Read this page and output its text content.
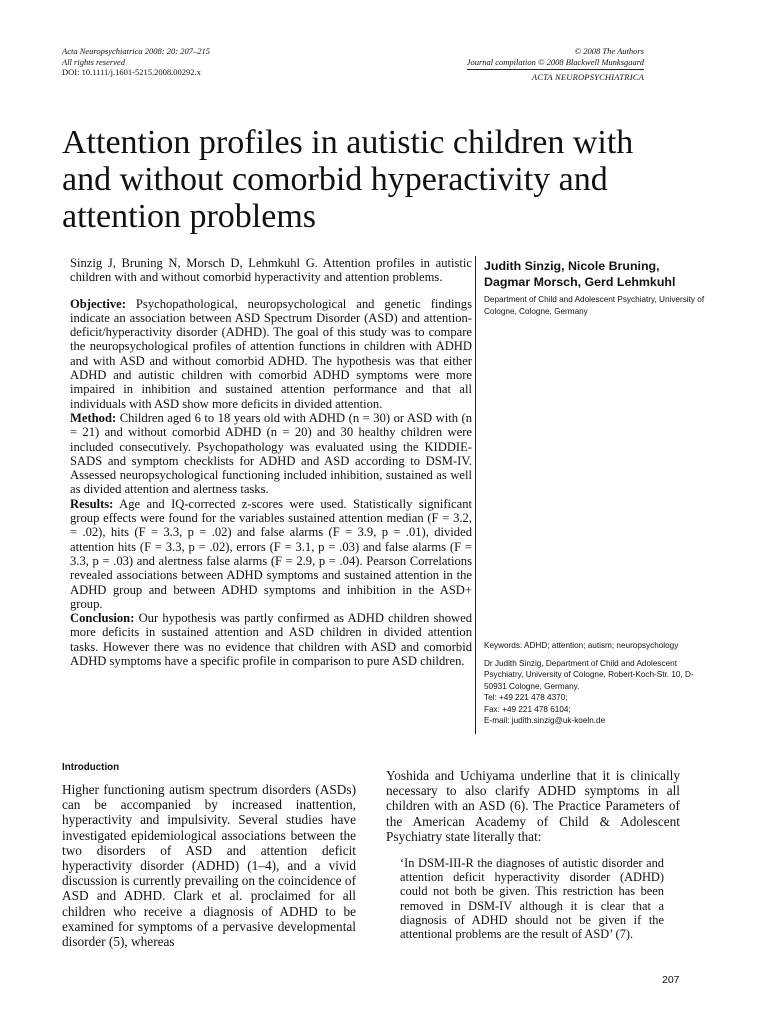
Acta Neuropsychiatrica 2008: 20: 207–215
All rights reserved
DOI: 10.1111/j.1601-5215.2008.00292.x
© 2008 The Authors
Journal compilation © 2008 Blackwell Munksgaard
ACTA NEUROPSYCHIATRICA
Attention profiles in autistic children with and without comorbid hyperactivity and attention problems

Sinzig J, Bruning N, Morsch D, Lehmkuhl G. Attention profiles in autistic children with and without comorbid hyperactivity and attention problems.

Objective: Psychopathological, neuropsychological and genetic findings indicate an association between ASD Spectrum Disorder (ASD) and attention-deficit/hyperactivity disorder (ADHD). The goal of this study was to compare the neuropsychological profiles of attention functions in children with ADHD and with ASD and without comorbid ADHD. The hypothesis was that either ADHD and autistic children with comorbid ADHD symptoms were more impaired in inhibition and sustained attention performance and that all individuals with ASD show more deficits in divided attention.

Method: Children aged 6 to 18 years old with ADHD (n = 30) or ASD with (n = 21) and without comorbid ADHD (n = 20) and 30 healthy children were included consecutively. Psychopathology was evaluated using the KIDDIE-SADS and symptom checklists for ADHD and ASD according to DSM-IV. Assessed neuropsychological functioning included inhibition, sustained as well as divided attention and alertness tasks.

Results: Age and IQ-corrected z-scores were used. Statistically significant group effects were found for the variables sustained attention median (F = 3.2, = .02), hits (F = 3.3, p = .02) and false alarms (F = 3.9, p = .01), divided attention hits (F = 3.3, p = .02), errors (F = 3.1, p = .03) and false alarms (F = 3.3, p = .03) and alertness false alarms (F = 2.9, p = .04). Pearson Correlations revealed associations between ADHD symptoms and sustained attention in the ADHD group and between ADHD symptoms and inhibition in the ASD+ group.

Conclusion: Our hypothesis was partly confirmed as ADHD children showed more deficits in sustained attention and ASD children in divided attention tasks. However there was no evidence that children with ASD and comorbid ADHD symptoms have a specific profile in comparison to pure ASD children.

Judith Sinzig, Nicole Bruning, Dagmar Morsch, Gerd Lehmkuhl
Department of Child and Adolescent Psychiatry, University of Cologne, Cologne, Germany
Keywords: ADHD; attention; autism; neuropsychology
Dr Judith Sinzig, Department of Child and Adolescent Psychiatry, University of Cologne, Robert-Koch-Str. 10, D-50931 Cologne, Germany.
Tel: +49 221 478 4370;
Fax: +49 221 478 6104;
E-mail: judith.sinzig@uk-koeln.de
Introduction

Higher functioning autism spectrum disorders (ASDs) can be accompanied by increased inattention, hyperactivity and impulsivity. Several studies have investigated epidemiological associations between the two disorders of ASD and attention deficit hyperactivity disorder (ADHD) (1–4), and a vivid discussion is currently prevailing on the coincidence of ASD and ADHD. Clark et al. proclaimed for all children who receive a diagnosis of ADHD to be examined for symptoms of a pervasive developmental disorder (5), whereas

Yoshida and Uchiyama underline that it is clinically necessary to also clarify ADHD symptoms in all children with an ASD (6). The Practice Parameters of the American Academy of Child & Adolescent Psychiatry state literally that:

‘In DSM-III-R the diagnoses of autistic disorder and attention deficit hyperactivity disorder (ADHD) could not both be given. This restriction has been removed in DSM-IV although it is clear that a diagnosis of ADHD should not be given if the attentional problems are the result of ASD’ (7).

207
